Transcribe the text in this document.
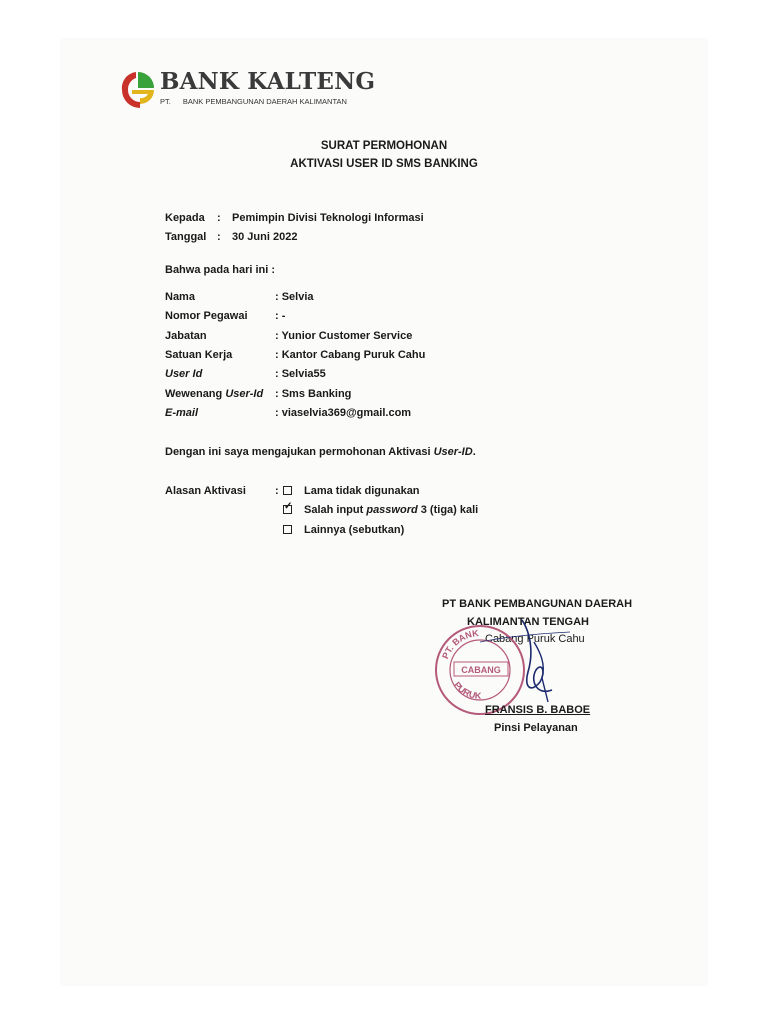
BANK KALTENG
PT. BANK PEMBANGUNAN DAERAH KALIMANTAN
SURAT PERMOHONAN
AKTIVASI USER ID SMS BANKING
Kepada : Pemimpin Divisi Teknologi Informasi
Tanggal : 30 Juni 2022
Bahwa pada hari ini :
Nama	: Selvia
Nomor Pegawai : -
Jabatan	: Yunior Customer Service
Satuan Kerja	: Kantor Cabang Puruk Cahu
User Id	: Selvia55
Wewenang User-Id : Sms Banking
E-mail	: viaselvia369@gmail.com
Dengan ini saya mengajukan permohonan Aktivasi User-ID.
Alasan Aktivasi	:	Lama tidak digunakan
✓Salah input password 3 (tiga) kali
Lainnya (sebutkan)
PT BANK PEMBANGUNAN DAERAH
KALIMANTAN TENGAH
Cabang Puruk Cahu
PT. BANK
PURUK
CABANG
FRANSIS B. BABOE
Pinsi Pelayanan
